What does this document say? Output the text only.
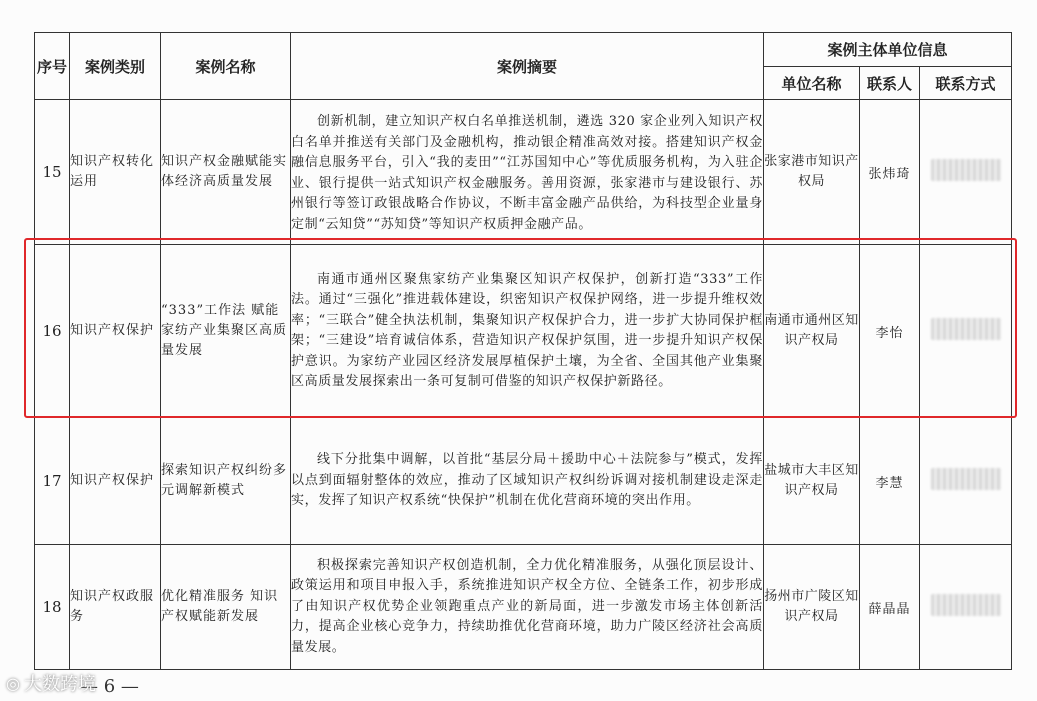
序号	案例类别	案例名称	案例摘要	案例主体单位信息		
				单位名称	联系人	联系方式
15	知识产权转化运用	知识产权金融赋能实体经济高质量发展	创新机制，建立知识产权白名单推送机制，遴选 320 家企业列入知识产权白名单并推送有关部门及金融机构，推动银企精准高效对接。搭建知识产权金融信息服务平台，引入“我的麦田”“江苏国知中心”等优质服务机构，为入驻企业、银行提供一站式知识产权金融服务。善用资源，张家港市与建设银行、苏州银行等签订政银战略合作协议，不断丰富金融产品供给，为科技型企业量身定制“云知贷”“苏知贷”等知识产权质押金融产品。	张家港市知识产权局	张炜琦	
16	知识产权保护	“333”工作法 赋能家纺产业集聚区高质量发展	南通市通州区聚焦家纺产业集聚区知识产权保护，创新打造“333”工作法。通过“三强化”推进载体建设，织密知识产权保护网络，进一步提升维权效率；“三联合”健全执法机制，集聚知识产权保护合力，进一步扩大协同保护框架；“三建设”培育诚信体系，营造知识产权保护氛围，进一步提升知识产权保护意识。为家纺产业园区经济发展厚植保护土壤，为全省、全国其他产业集聚区高质量发展探索出一条可复制可借鉴的知识产权保护新路径。	南通市通州区知识产权局	李怡	
17	知识产权保护	探索知识产权纠纷多元调解新模式	线下分批集中调解，以首批“基层分局＋援助中心＋法院参与”模式，发挥以点到面辐射整体的效应，推动了区域知识产权纠纷诉调对接机制建设走深走实，发挥了知识产权系统“快保护”机制在优化营商环境的突出作用。	盐城市大丰区知识产权局	李慧	
18	知识产权政服务	优化精准服务 知识产权赋能新发展	积极探索完善知识产权创造机制，全力优化精准服务，从强化顶层设计、政策运用和项目申报入手，系统推进知识产权全方位、全链条工作，初步形成了由知识产权优势企业领跑重点产业的新局面，进一步激发市场主体创新活力，提高企业核心竞争力，持续助推优化营商环境，助力广陵区经济社会高质量发展。	扬州市广陵区知识产权局	薛晶晶	
— 6 —
◎ 大数跨境
